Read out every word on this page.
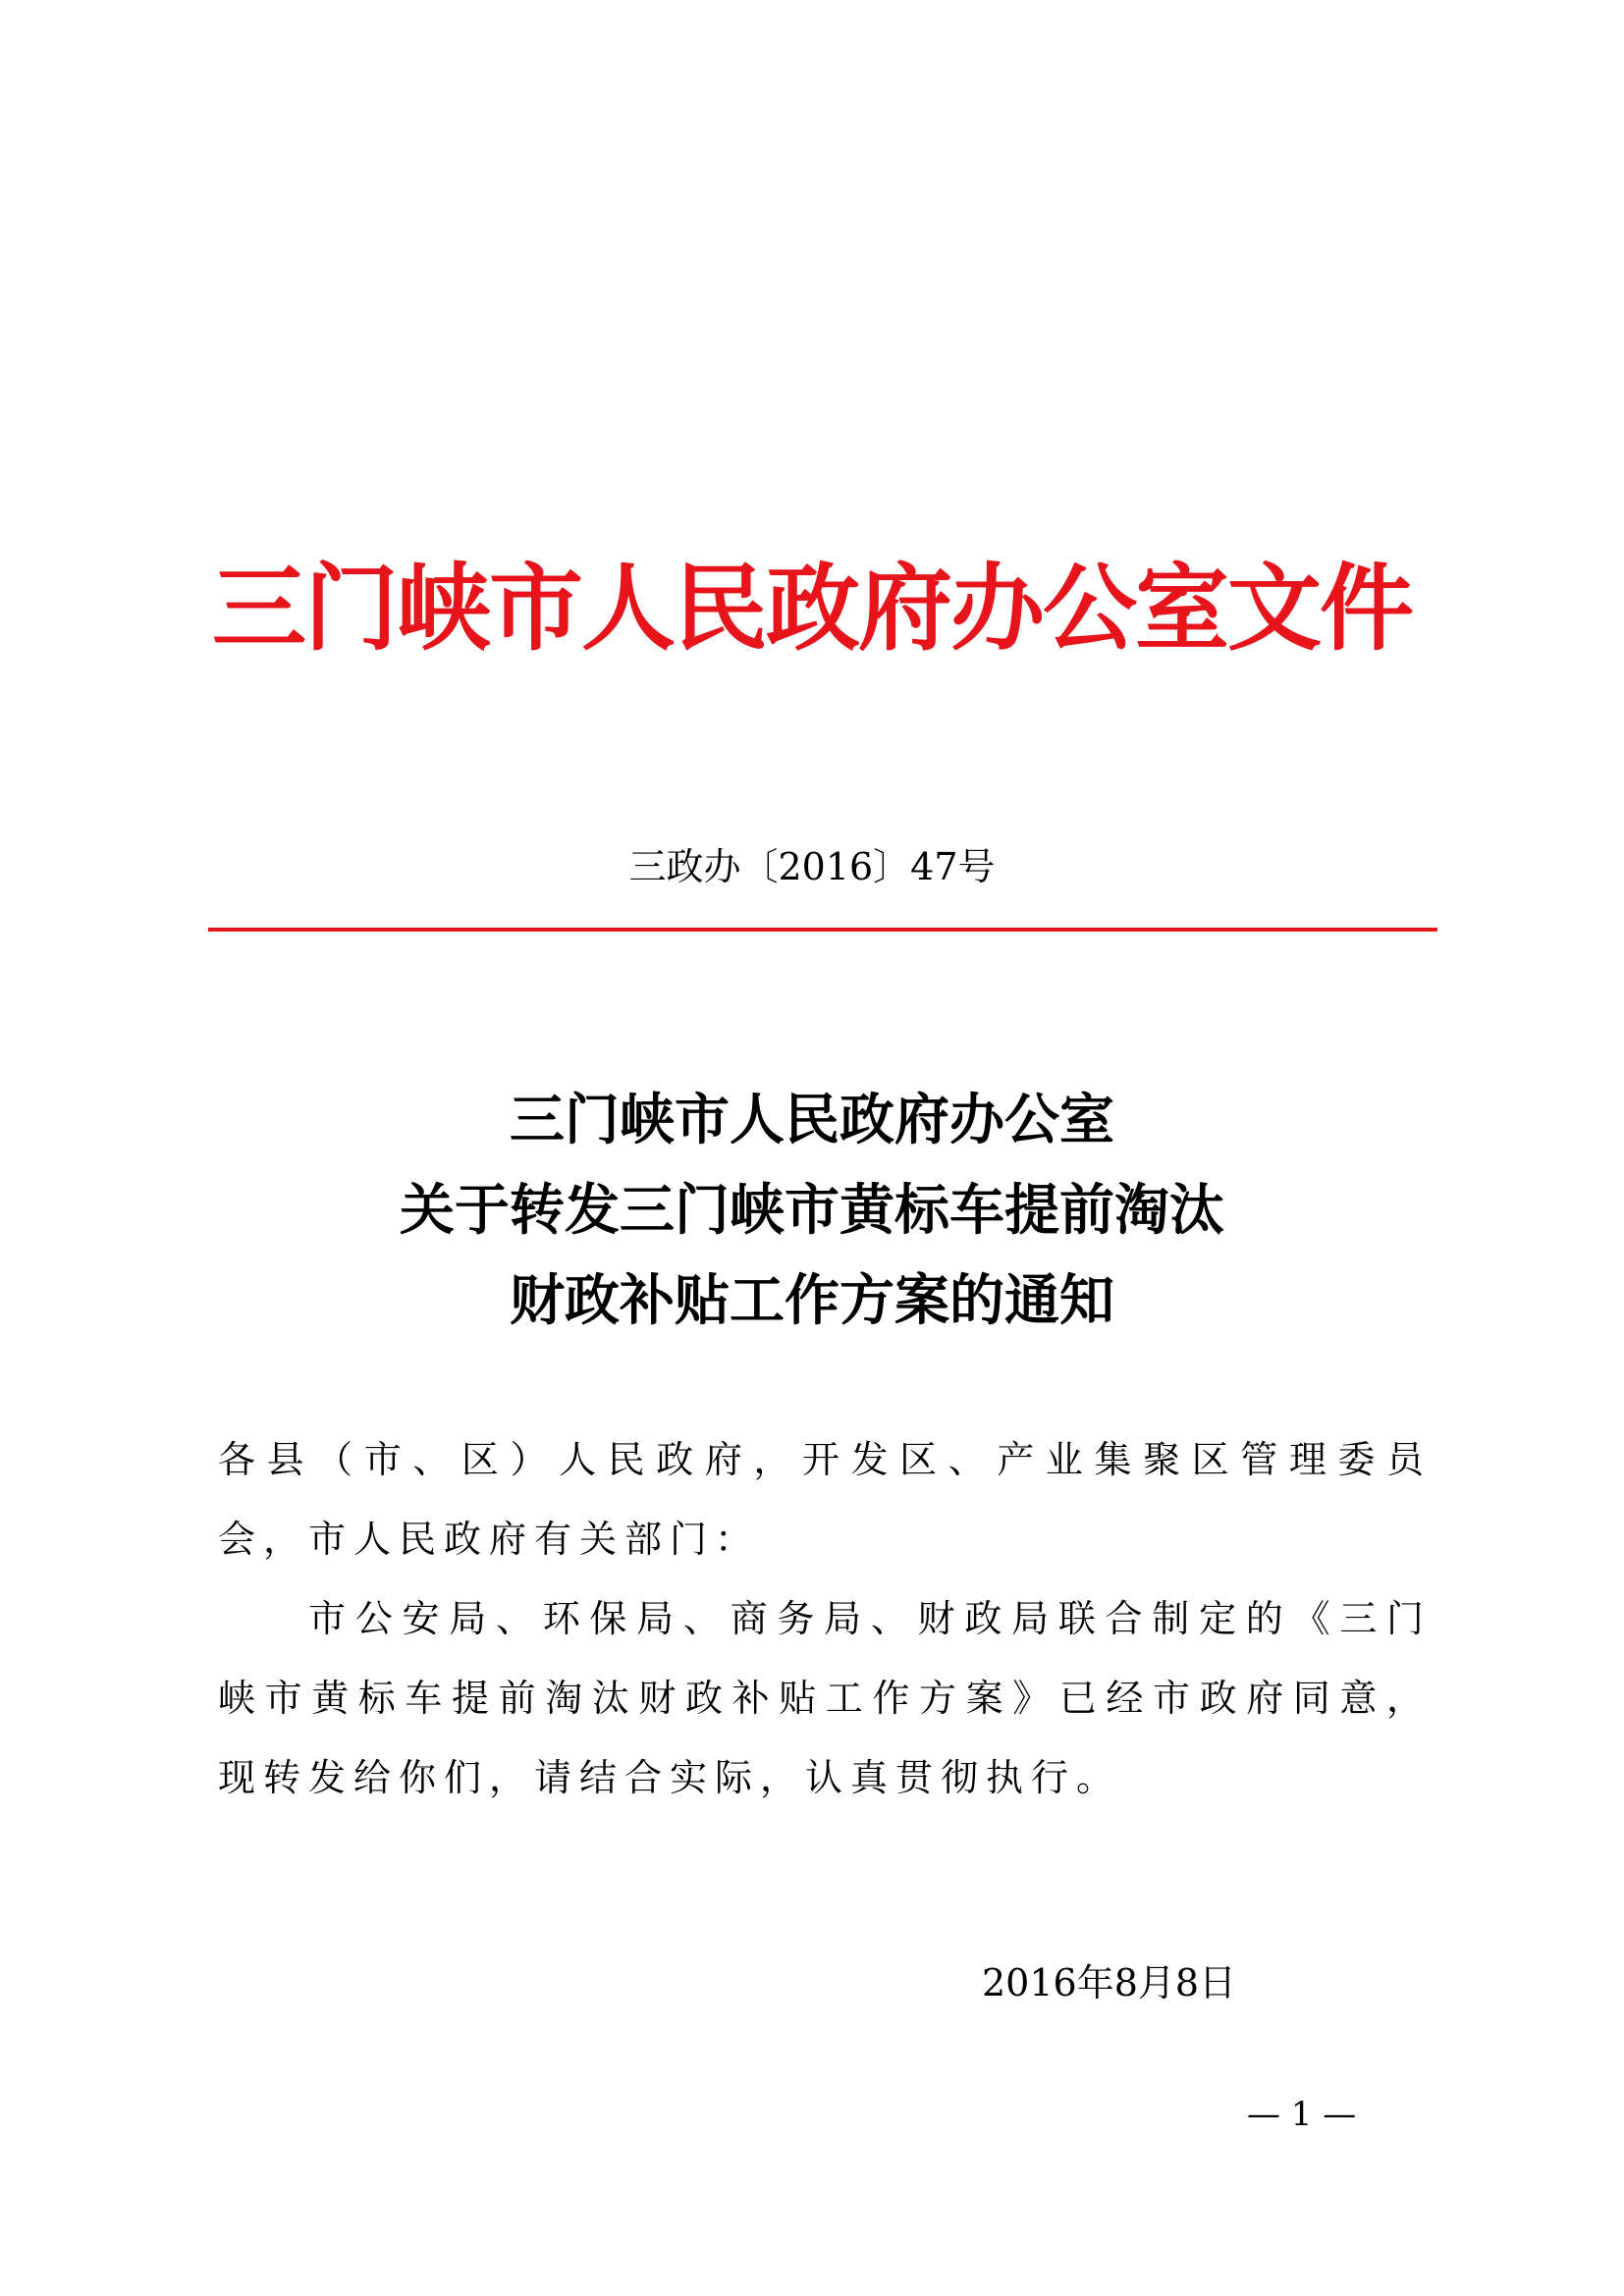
三门峡市人民政府办公室文件
三政办〔2016〕47号
三门峡市人民政府办公室
关于转发三门峡市黄标车提前淘汰
财政补贴工作方案的通知

各县（市、区）人民政府，开发区、产业集聚区管理委员会，市人民政府有关部门：

市公安局、环保局、商务局、财政局联合制定的《三门峡市黄标车提前淘汰财政补贴工作方案》已经市政府同意，现转发给你们，请结合实际，认真贯彻执行。

2016年8月8日
— 1 —
